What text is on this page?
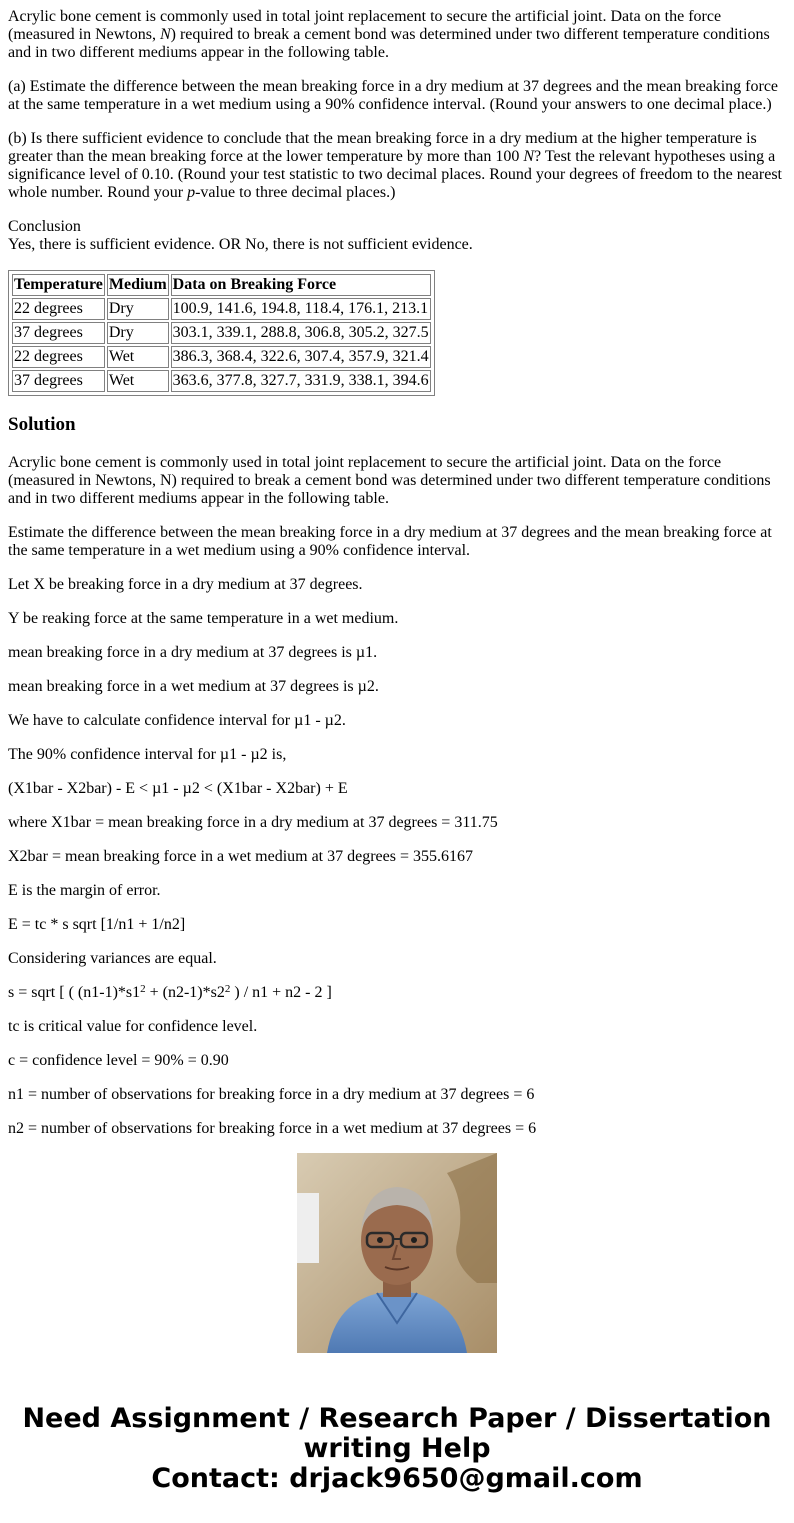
Acrylic bone cement is commonly used in total joint replacement to secure the artificial joint. Data on the force (measured in Newtons, N) required to break a cement bond was determined under two different temperature conditions and in two different mediums appear in the following table.

(a) Estimate the difference between the mean breaking force in a dry medium at 37 degrees and the mean breaking force at the same temperature in a wet medium using a 90% confidence interval. (Round your answers to one decimal place.)

(b) Is there sufficient evidence to conclude that the mean breaking force in a dry medium at the higher temperature is greater than the mean breaking force at the lower temperature by more than 100 N? Test the relevant hypotheses using a significance level of 0.10. (Round your test statistic to two decimal places. Round your degrees of freedom to the nearest whole number. Round your p-value to three decimal places.)

Conclusion
Yes, there is sufficient evidence. OR No, there is not sufficient evidence.

Temperature	Medium	Data on Breaking Force
22 degrees	Dry	100.9, 141.6, 194.8, 118.4, 176.1, 213.1
37 degrees	Dry	303.1, 339.1, 288.8, 306.8, 305.2, 327.5
22 degrees	Wet	386.3, 368.4, 322.6, 307.4, 357.9, 321.4
37 degrees	Wet	363.6, 377.8, 327.7, 331.9, 338.1, 394.6
Solution

Acrylic bone cement is commonly used in total joint replacement to secure the artificial joint. Data on the force (measured in Newtons, N) required to break a cement bond was determined under two different temperature conditions and in two different mediums appear in the following table.

Estimate the difference between the mean breaking force in a dry medium at 37 degrees and the mean breaking force at the same temperature in a wet medium using a 90% confidence interval.

Let X be breaking force in a dry medium at 37 degrees.

Y be reaking force at the same temperature in a wet medium.

mean breaking force in a dry medium at 37 degrees is µ1.

mean breaking force in a wet medium at 37 degrees is µ2.

We have to calculate confidence interval for µ1 - µ2.

The 90% confidence interval for µ1 - µ2 is,

(X1bar - X2bar) - E < µ1 - µ2 < (X1bar - X2bar) + E

where X1bar = mean breaking force in a dry medium at 37 degrees = 311.75

X2bar = mean breaking force in a wet medium at 37 degrees = 355.6167

E is the margin of error.

E = tc * s sqrt [1/n1 + 1/n2]

Considering variances are equal.

s = sqrt [ ( $(n1-1)*s1^2 + (n2-1)*s2^2$ ) / n1 + n2 - 2 ]

tc is critical value for confidence level.

c = confidence level = 90% = 0.90

n1 = number of observations for breaking force in a dry medium at 37 degrees = 6

n2 = number of observations for breaking force in a wet medium at 37 degrees = 6

Need Assignment / Research Paper / Dissertation
writing Help
Contact: drjack9650@gmail.com
